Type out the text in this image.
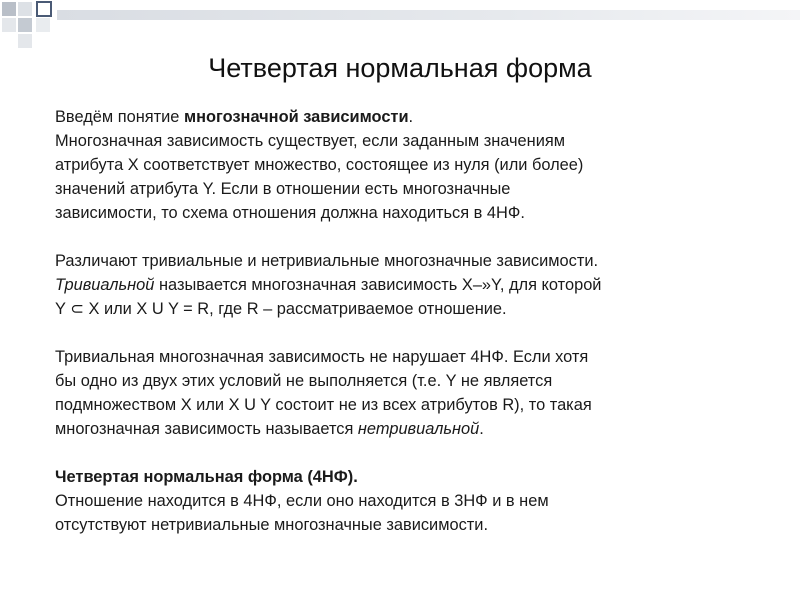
Четвертая нормальная форма
Введём понятие многозначной зависимости.
Многозначная зависимость существует, если заданным значениям
атрибута X соответствует множество, состоящее из нуля (или более)
значений атрибута Y. Если в отношении есть многозначные
зависимости, то схема отношения должна находиться в 4НФ.
Различают тривиальные и нетривиальные многозначные зависимости.
Тривиальной называется многозначная зависимость X–»Y, для которой
Y ⊂ X или X U Y = R, где R – рассматриваемое отношение.
Тривиальная многозначная зависимость не нарушает 4НФ. Если хотя
бы одно из двух этих условий не выполняется (т.е. Y не является
подмножеством X или X U Y состоит не из всех атрибутов R), то такая
многозначная зависимость называется нетривиальной.
Четвертая нормальная форма (4НФ).
Отношение находится в 4НФ, если оно находится в 3НФ и в нем
отсутствуют нетривиальные многозначные зависимости.
